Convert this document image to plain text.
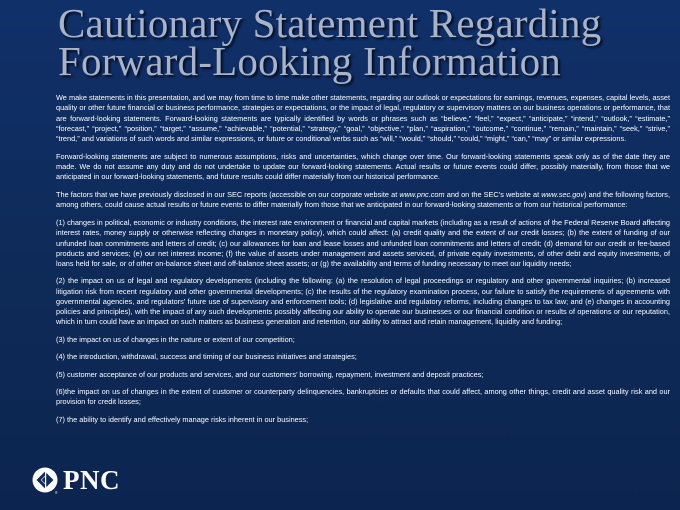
Cautionary Statement Regarding
Forward-Looking Information

We make statements in this presentation, and we may from time to time make other statements, regarding our outlook or expectations for earnings, revenues, expenses, capital levels, asset quality or other future financial or business performance, strategies or expectations, or the impact of legal, regulatory or supervisory matters on our business operations or performance, that are forward-looking statements. Forward-looking statements are typically identified by words or phrases such as “believe,” “feel,” “expect,” “anticipate,” “intend,” “outlook,” “estimate,” “forecast,” “project,” “position,” “target,” “assume,” “achievable,” “potential,” “strategy,” “goal,” “objective,” “plan,” “aspiration,” “outcome,” “continue,” “remain,” “maintain,” “seek,” “strive,” “trend,” and variations of such words and similar expressions, or future or conditional verbs such as “will,” “would,” “should,” “could,” “might,” “can,” “may” or similar expressions.

Forward-looking statements are subject to numerous assumptions, risks and uncertainties, which change over time. Our forward-looking statements speak only as of the date they are made. We do not assume any duty and do not undertake to update our forward-looking statements. Actual results or future events could differ, possibly materially, from those that we anticipated in our forward-looking statements, and future results could differ materially from our historical performance.

The factors that we have previously disclosed in our SEC reports (accessible on our corporate website at www.pnc.com and on the SEC’s website at www.sec.gov) and the following factors, among others, could cause actual results or future events to differ materially from those that we anticipated in our forward-looking statements or from our historical performance:

(1) changes in political, economic or industry conditions, the interest rate environment or financial and capital markets (including as a result of actions of the Federal Reserve Board affecting interest rates, money supply or otherwise reflecting changes in monetary policy), which could affect: (a) credit quality and the extent of our credit losses; (b) the extent of funding of our unfunded loan commitments and letters of credit; (c) our allowances for loan and lease losses and unfunded loan commitments and letters of credit; (d) demand for our credit or fee-based products and services; (e) our net interest income; (f) the value of assets under management and assets serviced, of private equity investments, of other debt and equity investments, of loans held for sale, or of other on-balance sheet and off-balance sheet assets; or (g) the availability and terms of funding necessary to meet our liquidity needs;

(2) the impact on us of legal and regulatory developments (including the following: (a) the resolution of legal proceedings or regulatory and other governmental inquiries; (b) increased litigation risk from recent regulatory and other governmental developments; (c) the results of the regulatory examination process, our failure to satisfy the requirements of agreements with governmental agencies, and regulators’ future use of supervisory and enforcement tools; (d) legislative and regulatory reforms, including changes to tax law; and (e) changes in accounting policies and principles), with the impact of any such developments possibly affecting our ability to operate our businesses or our financial condition or results of operations or our reputation, which in turn could have an impact on such matters as business generation and retention, our ability to attract and retain management, liquidity and funding;

(3) the impact on us of changes in the nature or extent of our competition;

(4) the introduction, withdrawal, success and timing of our business initiatives and strategies;

(5) customer acceptance of our products and services, and our customers’ borrowing, repayment, investment and deposit practices;

(6)the impact on us of changes in the extent of customer or counterparty delinquencies, bankruptcies or defaults that could affect, among other things, credit and asset quality risk and our provision for credit losses;

(7) the ability to identify and effectively manage risks inherent in our business;

PNC
®
